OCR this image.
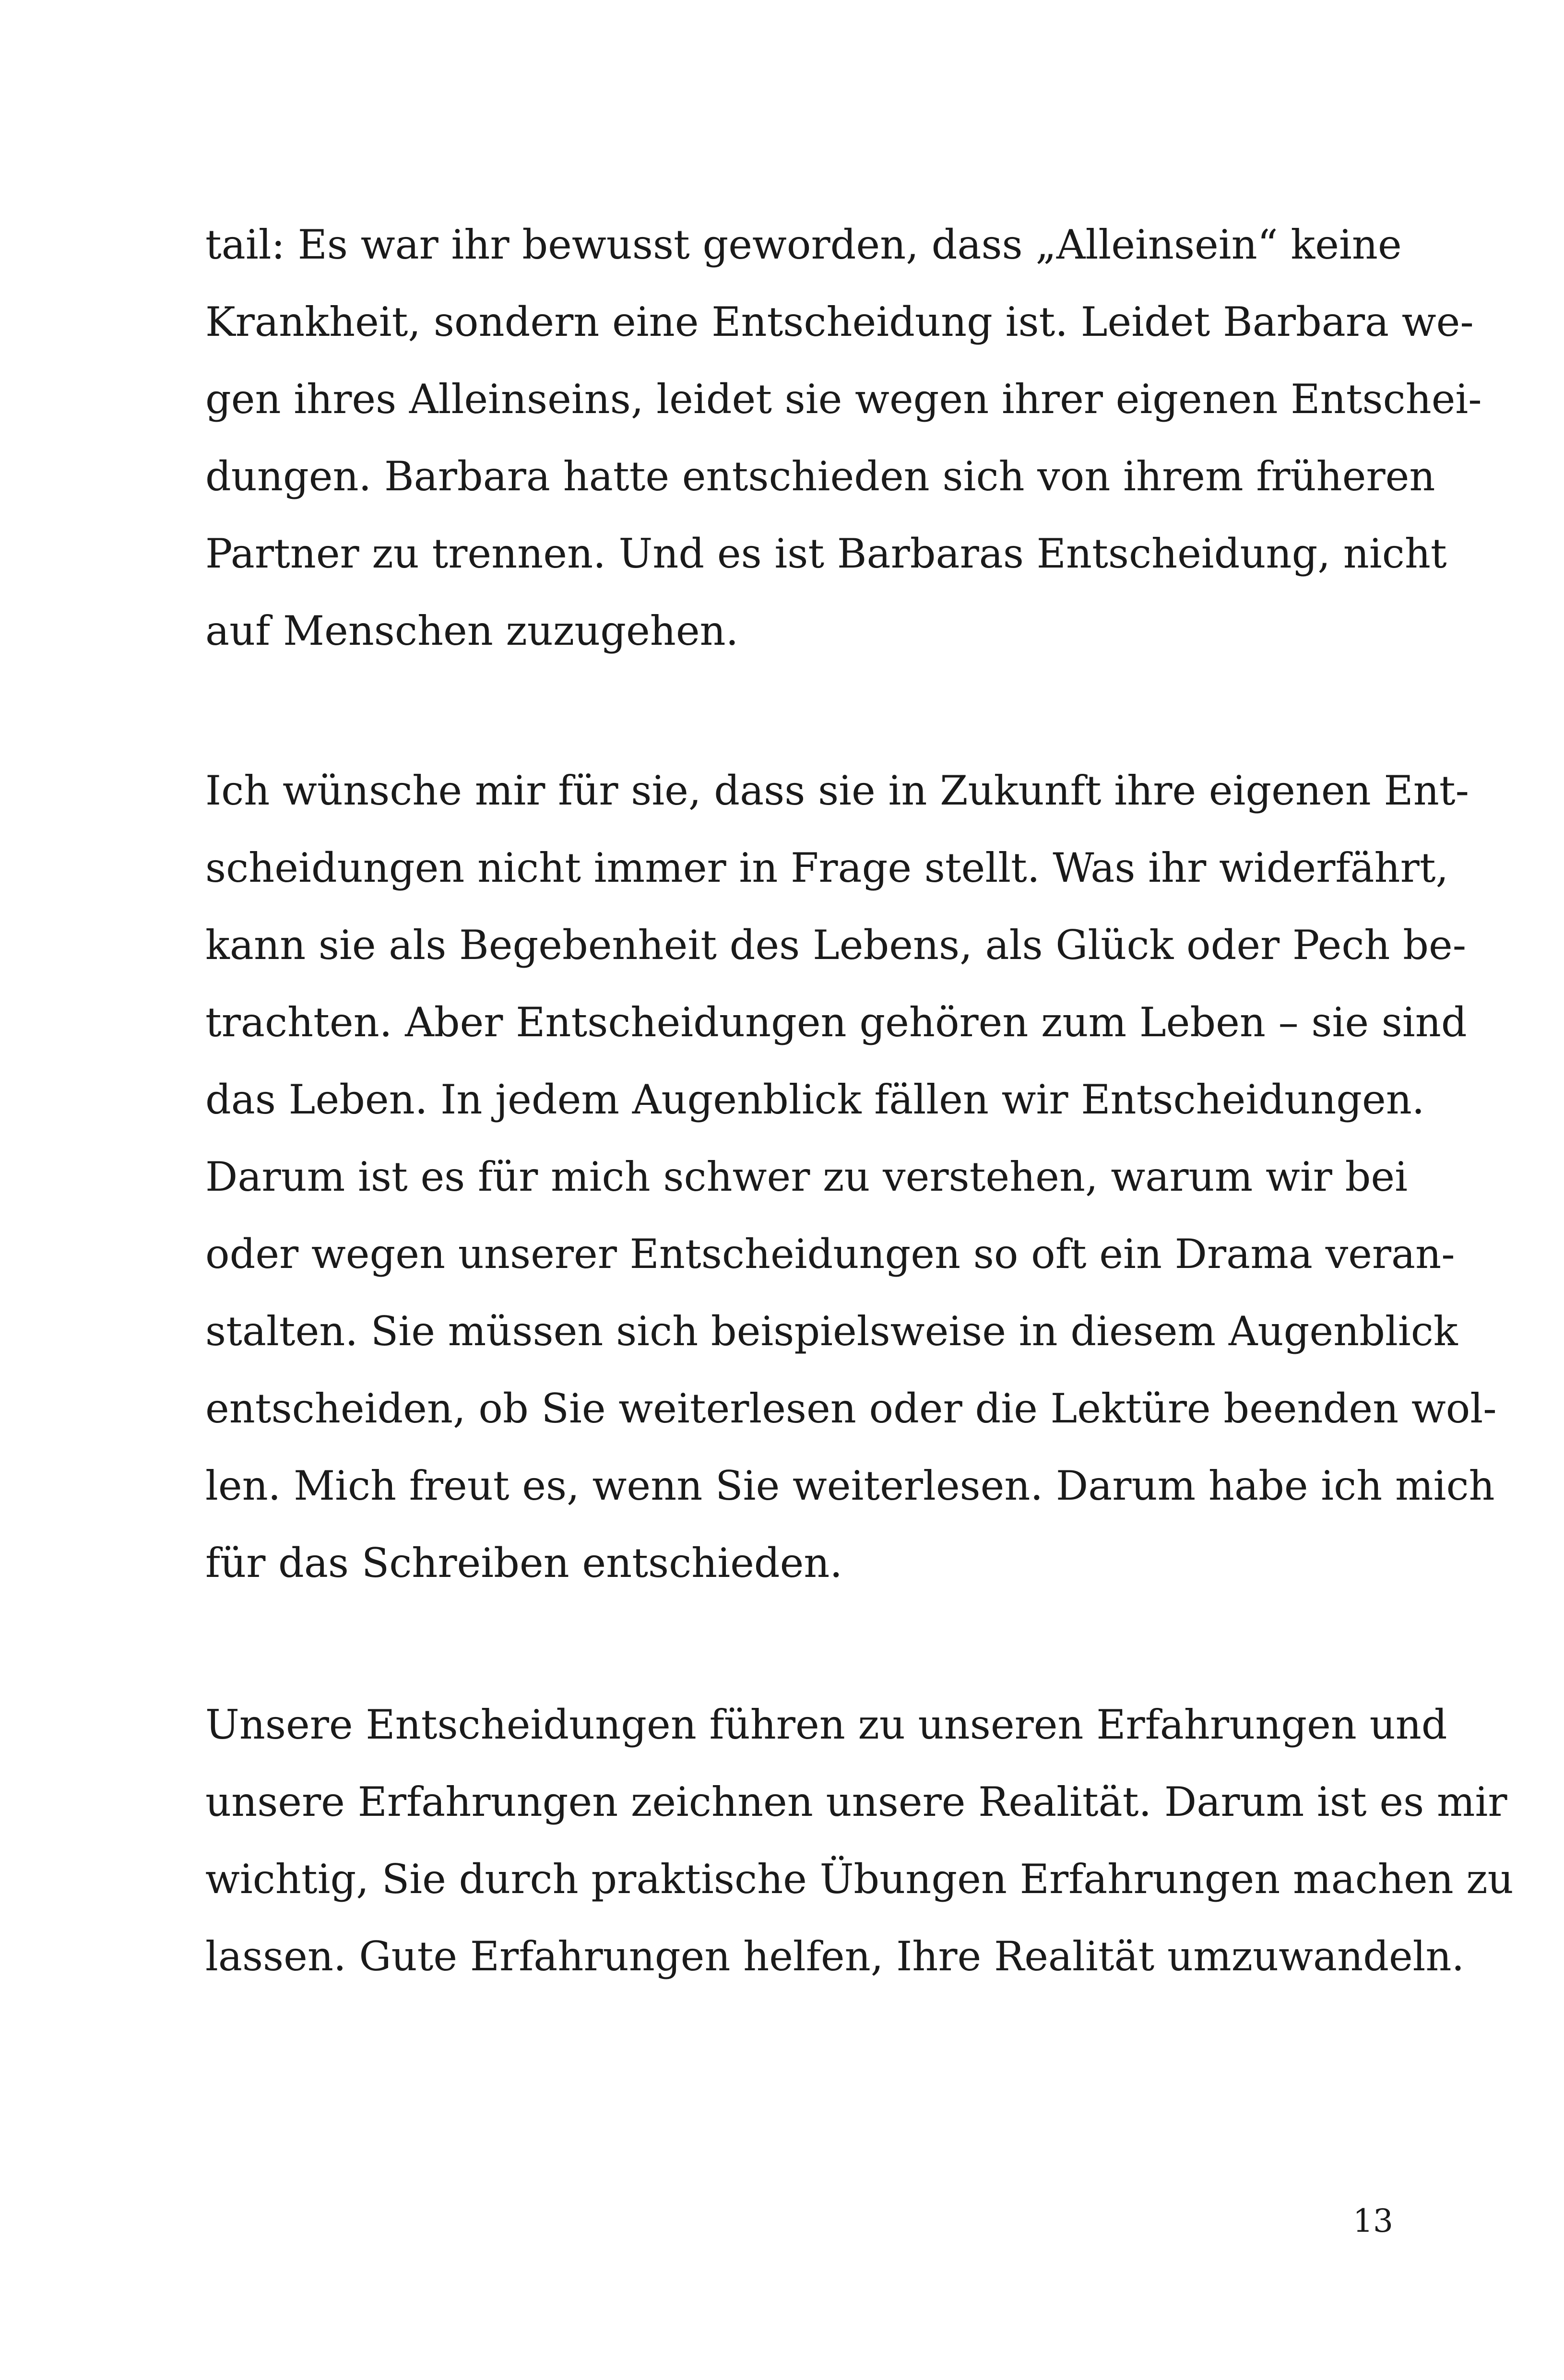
tail: Es war ihr bewusst geworden, dass „Alleinsein“ keine
Krankheit, sondern eine Entscheidung ist. Leidet Barbara we-
gen ihres Alleinseins, leidet sie wegen ihrer eigenen Entschei-
dungen. Barbara hatte entschieden sich von ihrem früheren
Partner zu trennen. Und es ist Barbaras Entscheidung, nicht
auf Menschen zuzugehen.
Ich wünsche mir für sie, dass sie in Zukunft ihre eigenen Ent-
scheidungen nicht immer in Frage stellt. Was ihr widerfährt,
kann sie als Begebenheit des Lebens, als Glück oder Pech be-
trachten. Aber Entscheidungen gehören zum Leben – sie sind
das Leben. In jedem Augenblick fällen wir Entscheidungen.
Darum ist es für mich schwer zu verstehen, warum wir bei
oder wegen unserer Entscheidungen so oft ein Drama veran-
stalten. Sie müssen sich beispielsweise in diesem Augenblick
entscheiden, ob Sie weiterlesen oder die Lektüre beenden wol-
len. Mich freut es, wenn Sie weiterlesen. Darum habe ich mich
für das Schreiben entschieden.
Unsere Entscheidungen führen zu unseren Erfahrungen und
unsere Erfahrungen zeichnen unsere Realität. Darum ist es mir
wichtig, Sie durch praktische Übungen Erfahrungen machen zu
lassen. Gute Erfahrungen helfen, Ihre Realität umzuwandeln.
13
